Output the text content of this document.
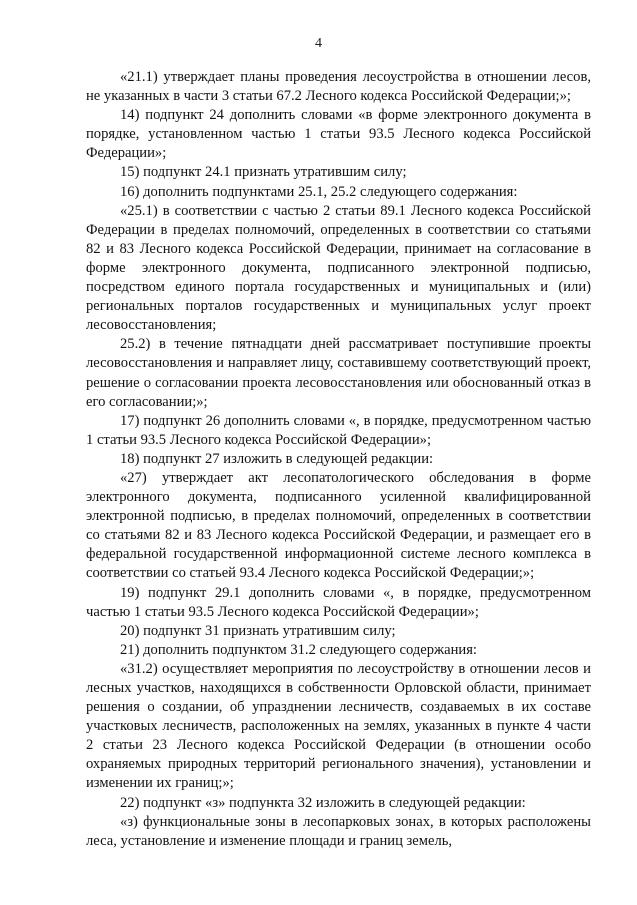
4

«21.1) утверждает планы проведения лесоустройства в отношении лесов, не указанных в части 3 статьи 67.2 Лесного кодекса Российской Федерации;»;

14) подпункт 24 дополнить словами «в форме электронного документа в порядке, установленном частью 1 статьи 93.5 Лесного кодекса Российской Федерации»;

15) подпункт 24.1 признать утратившим силу;

16) дополнить подпунктами 25.1, 25.2 следующего содержания:

«25.1) в соответствии с частью 2 статьи 89.1 Лесного кодекса Российской Федерации в пределах полномочий, определенных в соответствии со статьями 82 и 83 Лесного кодекса Российской Федерации, принимает на согласование в форме электронного документа, подписанного электронной подписью, посредством единого портала государственных и муниципальных и (или) региональных порталов государственных и муниципальных услуг проект лесовосстановления;

25.2) в течение пятнадцати дней рассматривает поступившие проекты лесовосстановления и направляет лицу, составившему соответствующий проект, решение о согласовании проекта лесовосстановления или обоснованный отказ в его согласовании;»;

17) подпункт 26 дополнить словами «, в порядке, предусмотренном частью 1 статьи 93.5 Лесного кодекса Российской Федерации»;

18) подпункт 27 изложить в следующей редакции:

«27) утверждает акт лесопатологического обследования в форме электронного документа, подписанного усиленной квалифицированной электронной подписью, в пределах полномочий, определенных в соответствии со статьями 82 и 83 Лесного кодекса Российской Федерации, и размещает его в федеральной государственной информационной системе лесного комплекса в соответствии со статьей 93.4 Лесного кодекса Российской Федерации;»;

19) подпункт 29.1 дополнить словами «, в порядке, предусмотренном частью 1 статьи 93.5 Лесного кодекса Российской Федерации»;

20) подпункт 31 признать утратившим силу;

21) дополнить подпунктом 31.2 следующего содержания:

«31.2) осуществляет мероприятия по лесоустройству в отношении лесов и лесных участков, находящихся в собственности Орловской области, принимает решения о создании, об упразднении лесничеств, создаваемых в их составе участковых лесничеств, расположенных на землях, указанных в пункте 4 части 2 статьи 23 Лесного кодекса Российской Федерации (в отношении особо охраняемых природных территорий регионального значения), установлении и изменении их границ;»;

22) подпункт «з» подпункта 32 изложить в следующей редакции:

«з) функциональные зоны в лесопарковых зонах, в которых расположены леса, установление и изменение площади и границ земель,
